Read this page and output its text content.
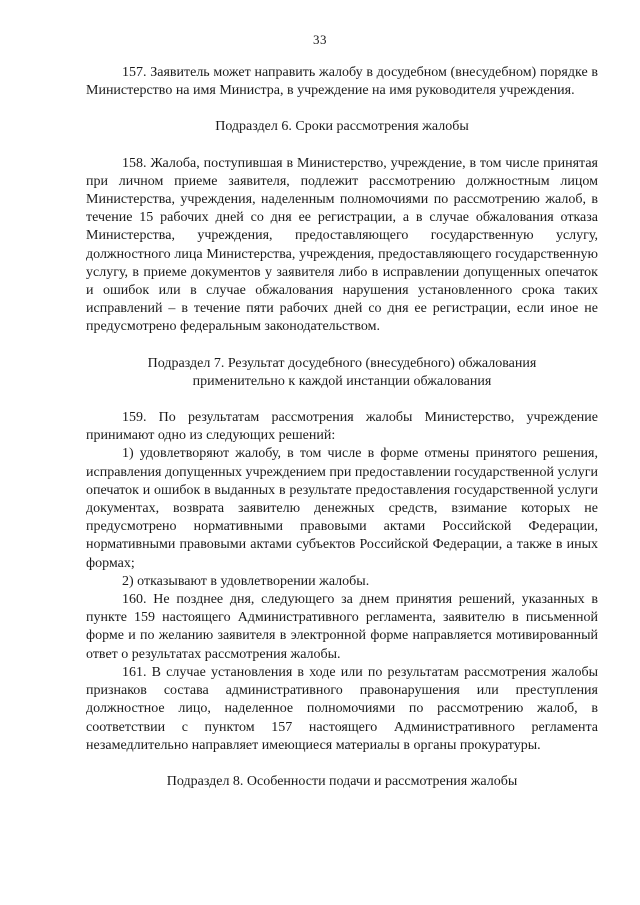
33

157. Заявитель может направить жалобу в досудебном (внесудебном) порядке в Министерство на имя Министра, в учреждение на имя руководителя учреждения.

Подраздел 6. Сроки рассмотрения жалобы

158. Жалоба, поступившая в Министерство, учреждение, в том числе принятая при личном приеме заявителя, подлежит рассмотрению должностным лицом Министерства, учреждения, наделенным полномочиями по рассмотрению жалоб, в течение 15 рабочих дней со дня ее регистрации, а в случае обжалования отказа Министерства, учреждения, предоставляющего государственную услугу, должностного лица Министерства, учреждения, предоставляющего государственную услугу, в приеме документов у заявителя либо в исправлении допущенных опечаток и ошибок или в случае обжалования нарушения установленного срока таких исправлений – в течение пяти рабочих дней со дня ее регистрации, если иное не предусмотрено федеральным законодательством.

Подраздел 7. Результат досудебного (внесудебного) обжалования
применительно к каждой инстанции обжалования

159. По результатам рассмотрения жалобы Министерство, учреждение принимают одно из следующих решений:

1) удовлетворяют жалобу, в том числе в форме отмены принятого решения, исправления допущенных учреждением при предоставлении государственной услуги опечаток и ошибок в выданных в результате предоставления государственной услуги документах, возврата заявителю денежных средств, взимание которых не предусмотрено нормативными правовыми актами Российской Федерации, нормативными правовыми актами субъектов Российской Федерации, а также в иных формах;

2) отказывают в удовлетворении жалобы.

160. Не позднее дня, следующего за днем принятия решений, указанных в пункте 159 настоящего Административного регламента, заявителю в письменной форме и по желанию заявителя в электронной форме направляется мотивированный ответ о результатах рассмотрения жалобы.

161. В случае установления в ходе или по результатам рассмотрения жалобы признаков состава административного правонарушения или преступления должностное лицо, наделенное полномочиями по рассмотрению жалоб, в соответствии с пунктом 157 настоящего Административного регламента незамедлительно направляет имеющиеся материалы в органы прокуратуры.

Подраздел 8. Особенности подачи и рассмотрения жалобы
